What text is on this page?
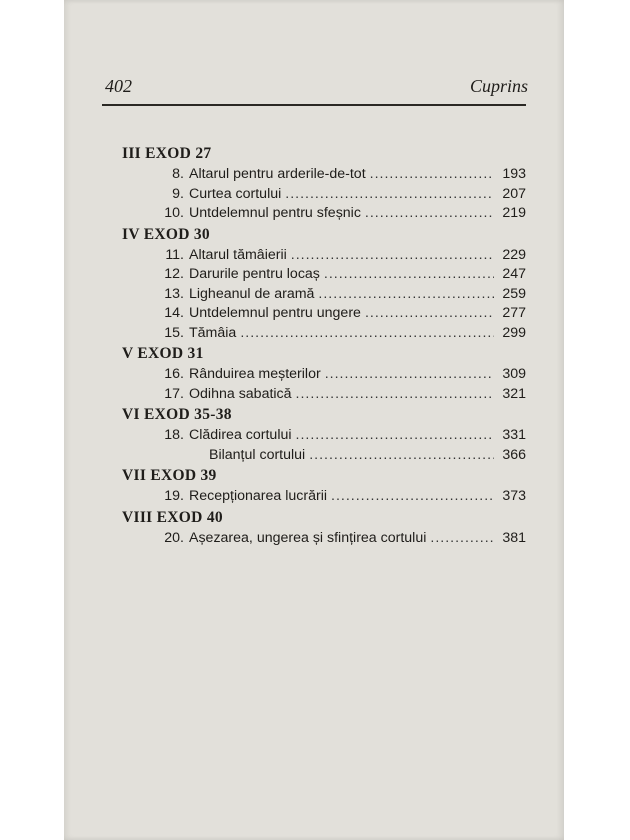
402	Cuprins
III EXOD 27
8. Altarul pentru arderile-de-tot .....	193
9. Curtea cortului .....	207
10. Untdelemnul pentru sfeșnic .....	219
IV EXOD 30
11. Altarul tămâierii .....	229
12. Darurile pentru locaș .....	247
13. Ligheanul de aramă .....	259
14. Untdelemnul pentru ungere .....	277
15. Tămâia .....	299
V EXOD 31
16. Rânduirea meșterilor .....	309
17. Odihna sabatică .....	321
VI EXOD 35-38
18. Clădirea cortului .....	331
Bilanțul cortului .....	366
VII EXOD 39
19. Recepționarea lucrării .....	373
VIII EXOD 40
20. Așezarea, ungerea și sfințirea cortului .....	381
